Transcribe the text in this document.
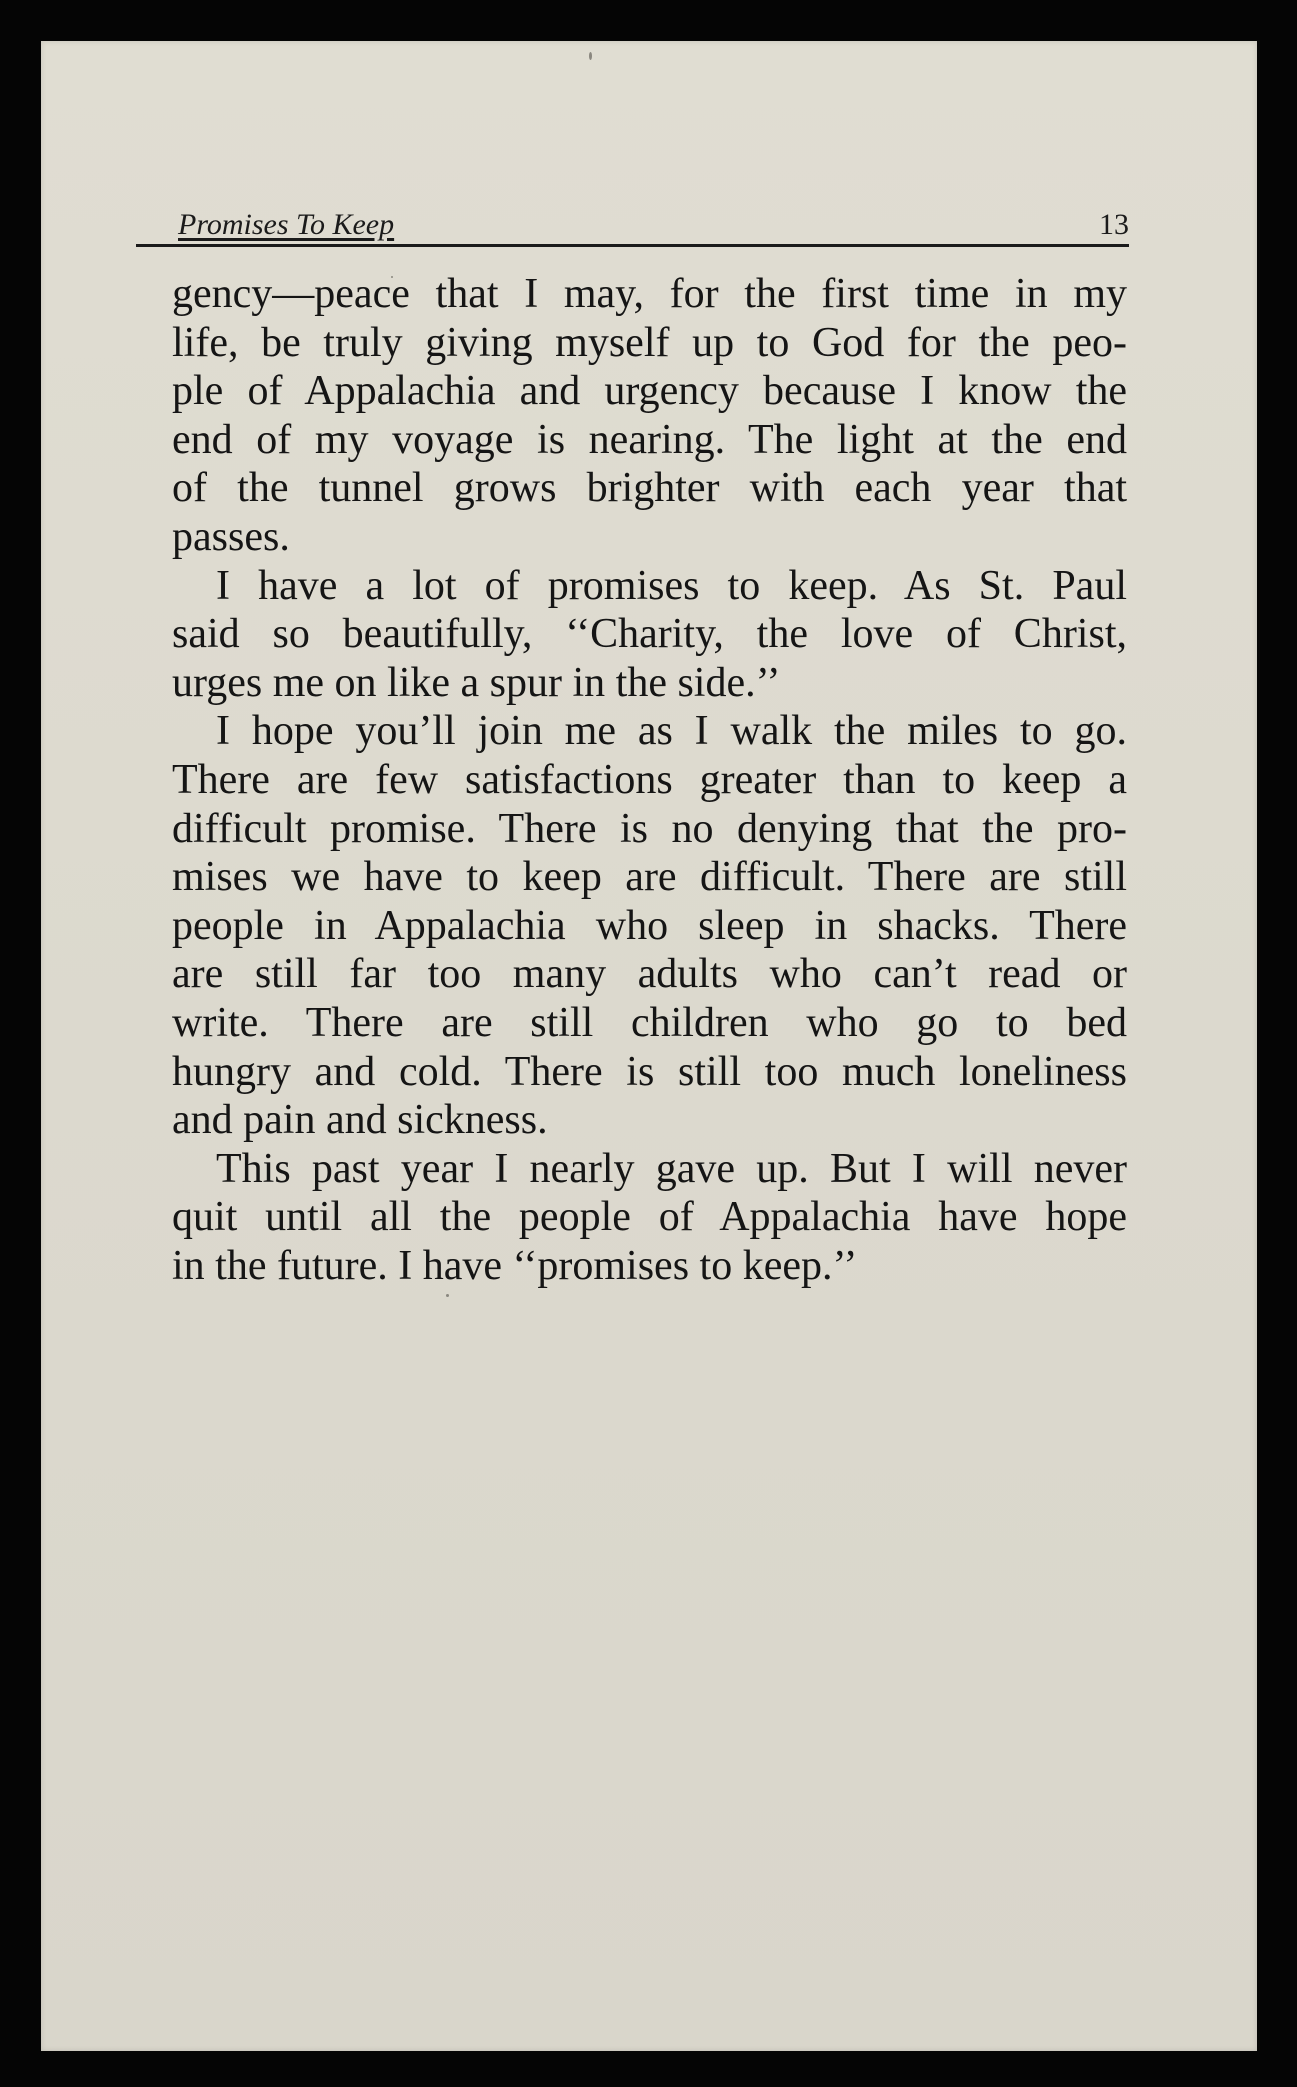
Promises To Keep	13
gency—peace that I may, for the first time in my
life, be truly giving myself up to God for the peo-
ple of Appalachia and urgency because I know the
end of my voyage is nearing. The light at the end
of the tunnel grows brighter with each year that
passes.
I have a lot of promises to keep. As St. Paul
said so beautifully, ‘‘Charity, the love of Christ,
urges me on like a spur in the side.’’
I hope you’ll join me as I walk the miles to go.
There are few satisfactions greater than to keep a
difficult promise. There is no denying that the pro-
mises we have to keep are difficult. There are still
people in Appalachia who sleep in shacks. There
are still far too many adults who can’t read or
write. There are still children who go to bed
hungry and cold. There is still too much loneliness
and pain and sickness.
This past year I nearly gave up. But I will never
quit until all the people of Appalachia have hope
in the future. I have ‘‘promises to keep.’’
